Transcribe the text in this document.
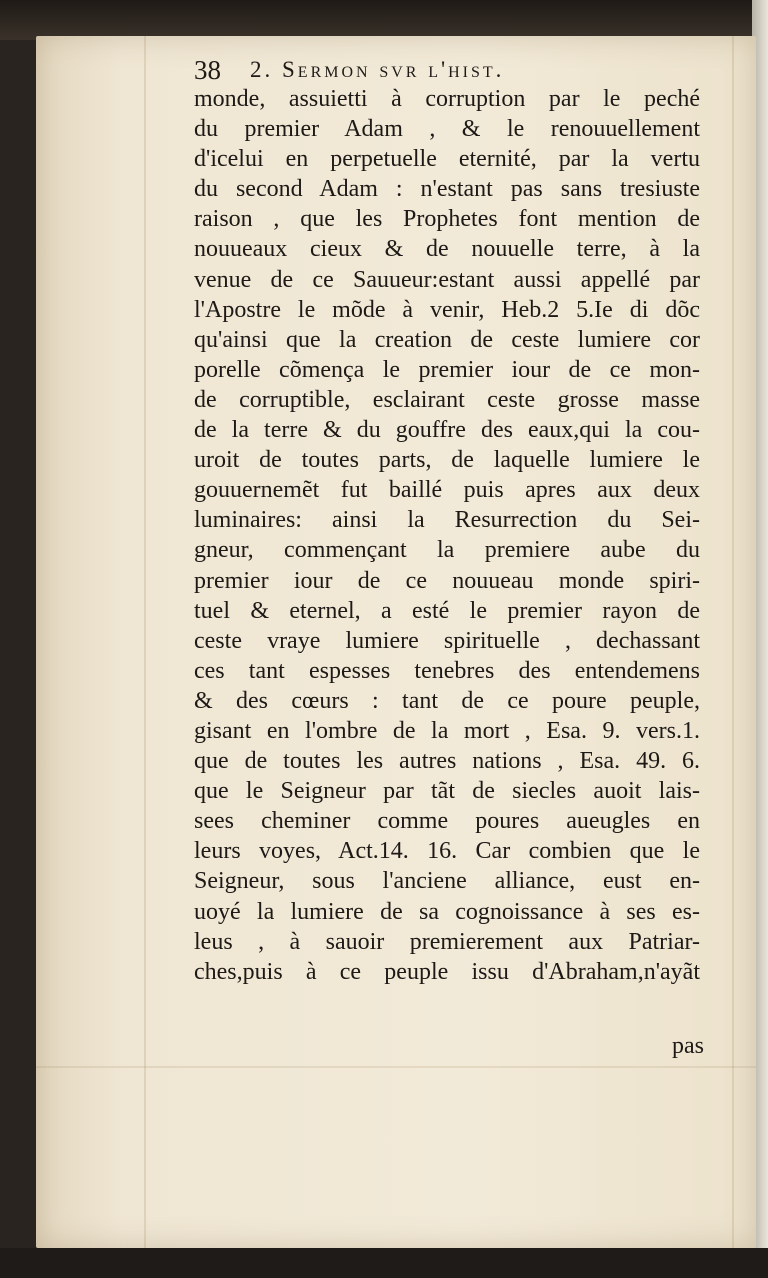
✒
38 2. Sermon svr l'hist.
monde, assuietti à corruption par le peché
du premier Adam , & le renouuellement
d'icelui en perpetuelle eternité, par la vertu
du second Adam : n'estant pas sans tresiuste
raison , que les Prophetes font mention de
nouueaux cieux & de nouuelle terre, à la
venue de ce Sauueur:estant aussi appellé par
l'Apostre le mõde à venir, Heb.2 5.Ie di dõc
qu'ainsi que la creation de ceste lumiere cor
porelle cõmença le premier iour de ce mon-
de corruptible, esclairant ceste grosse masse
de la terre & du gouffre des eaux,qui la cou-
uroit de toutes parts, de laquelle lumiere le
gouuernemẽt fut baillé puis apres aux deux
luminaires: ainsi la Resurrection du Sei-
gneur, commençant la premiere aube du
premier iour de ce nouueau monde spiri-
tuel & eternel, a esté le premier rayon de
ceste vraye lumiere spirituelle , dechassant
ces tant espesses tenebres des entendemens
& des cœurs : tant de ce poure peuple,
gisant en l'ombre de la mort , Esa. 9. vers.1.
que de toutes les autres nations , Esa. 49. 6.
que le Seigneur par tãt de siecles auoit lais-
sees cheminer comme poures aueugles en
leurs voyes, Act.14. 16. Car combien que le
Seigneur, sous l'anciene alliance, eust en-
uoyé la lumiere de sa cognoissance à ses es-
leus , à sauoir premierement aux Patriar-
ches,puis à ce peuple issu d'Abraham,n'ayãt
pas
